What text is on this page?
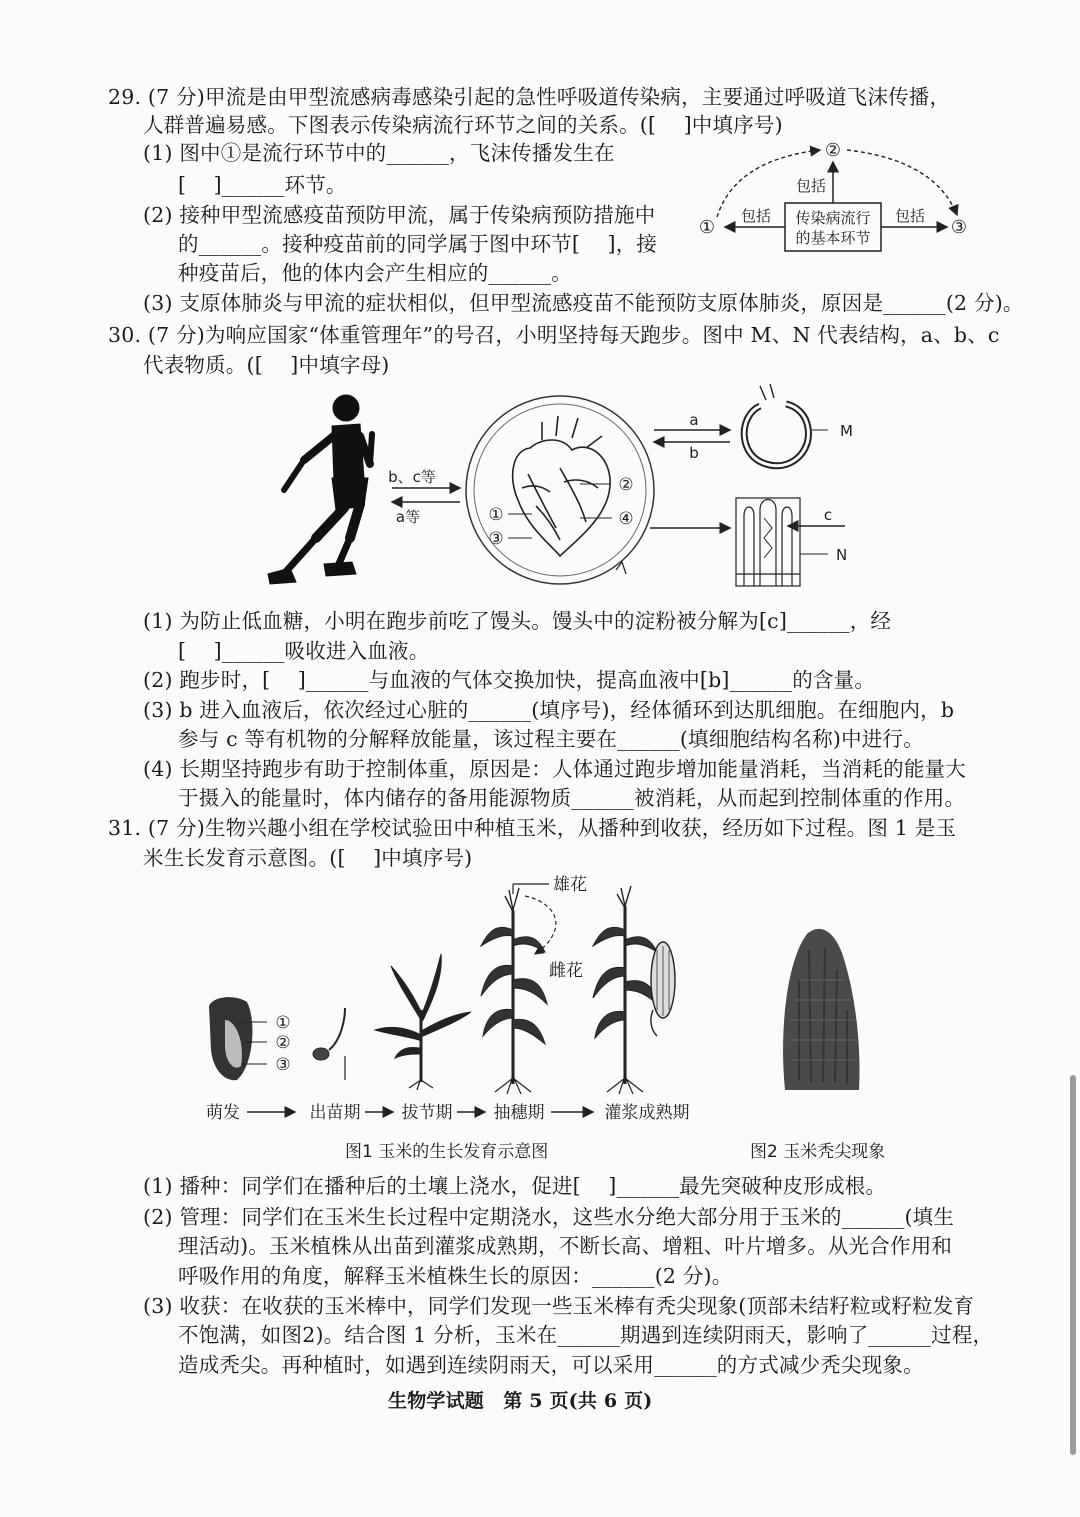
29. (7 分)甲流是由甲型流感病毒感染引起的急性呼吸道传染病，主要通过呼吸道飞沫传播，
人群普遍易感。下图表示传染病流行环节之间的关系。([　 ]中填序号)
(1) 图中①是流行环节中的______，飞沫传播发生在
[　 ]______环节。
(2) 接种甲型流感疫苗预防甲流，属于传染病预防措施中
的______。接种疫苗前的同学属于图中环节[　 ]，接
种疫苗后，他的体内会产生相应的______。
(3) 支原体肺炎与甲流的症状相似，但甲型流感疫苗不能预防支原体肺炎，原因是______(2 分)。
传染病流行
的基本环节
②
①	③
包括
包括	包括
30. (7 分)为响应国家“体重管理年”的号召，小明坚持每天跑步。图中 M、N 代表结构，a、b、c
代表物质。([　 ]中填字母)
b、c等
a等
②
④
①
③
a
b
M
c
N
(1) 为防止低血糖，小明在跑步前吃了馒头。馒头中的淀粉被分解为[c]______，经
[　 ]______吸收进入血液。
(2) 跑步时，[　 ]______与血液的气体交换加快，提高血液中[b]______的含量。
(3) b 进入血液后，依次经过心脏的______(填序号)，经体循环到达肌细胞。在细胞内，b
参与 c 等有机物的分解释放能量，该过程主要在______(填细胞结构名称)中进行。
(4) 长期坚持跑步有助于控制体重，原因是：人体通过跑步增加能量消耗，当消耗的能量大
于摄入的能量时，体内储存的备用能源物质______被消耗，从而起到控制体重的作用。
31. (7 分)生物兴趣小组在学校试验田中种植玉米，从播种到收获，经历如下过程。图 1 是玉
米生长发育示意图。([　 ]中填序号)
①
②
③
雄花
雌花
萌发	出苗期 拔节期 抽穗期	灌浆成熟期
图1 玉米的生长发育示意图	图2 玉米秃尖现象
(1) 播种：同学们在播种后的土壤上浇水，促进[　 ]______最先突破种皮形成根。
(2) 管理：同学们在玉米生长过程中定期浇水，这些水分绝大部分用于玉米的______(填生
理活动)。玉米植株从出苗到灌浆成熟期，不断长高、增粗、叶片增多。从光合作用和
呼吸作用的角度，解释玉米植株生长的原因：______(2 分)。
(3) 收获：在收获的玉米棒中，同学们发现一些玉米棒有秃尖现象(顶部未结籽粒或籽粒发育
不饱满，如图2)。结合图 1 分析，玉米在______期遇到连续阴雨天，影响了______过程，
造成秃尖。再种植时，如遇到连续阴雨天，可以采用______的方式减少秃尖现象。
生物学试题　第 5 页(共 6 页)
